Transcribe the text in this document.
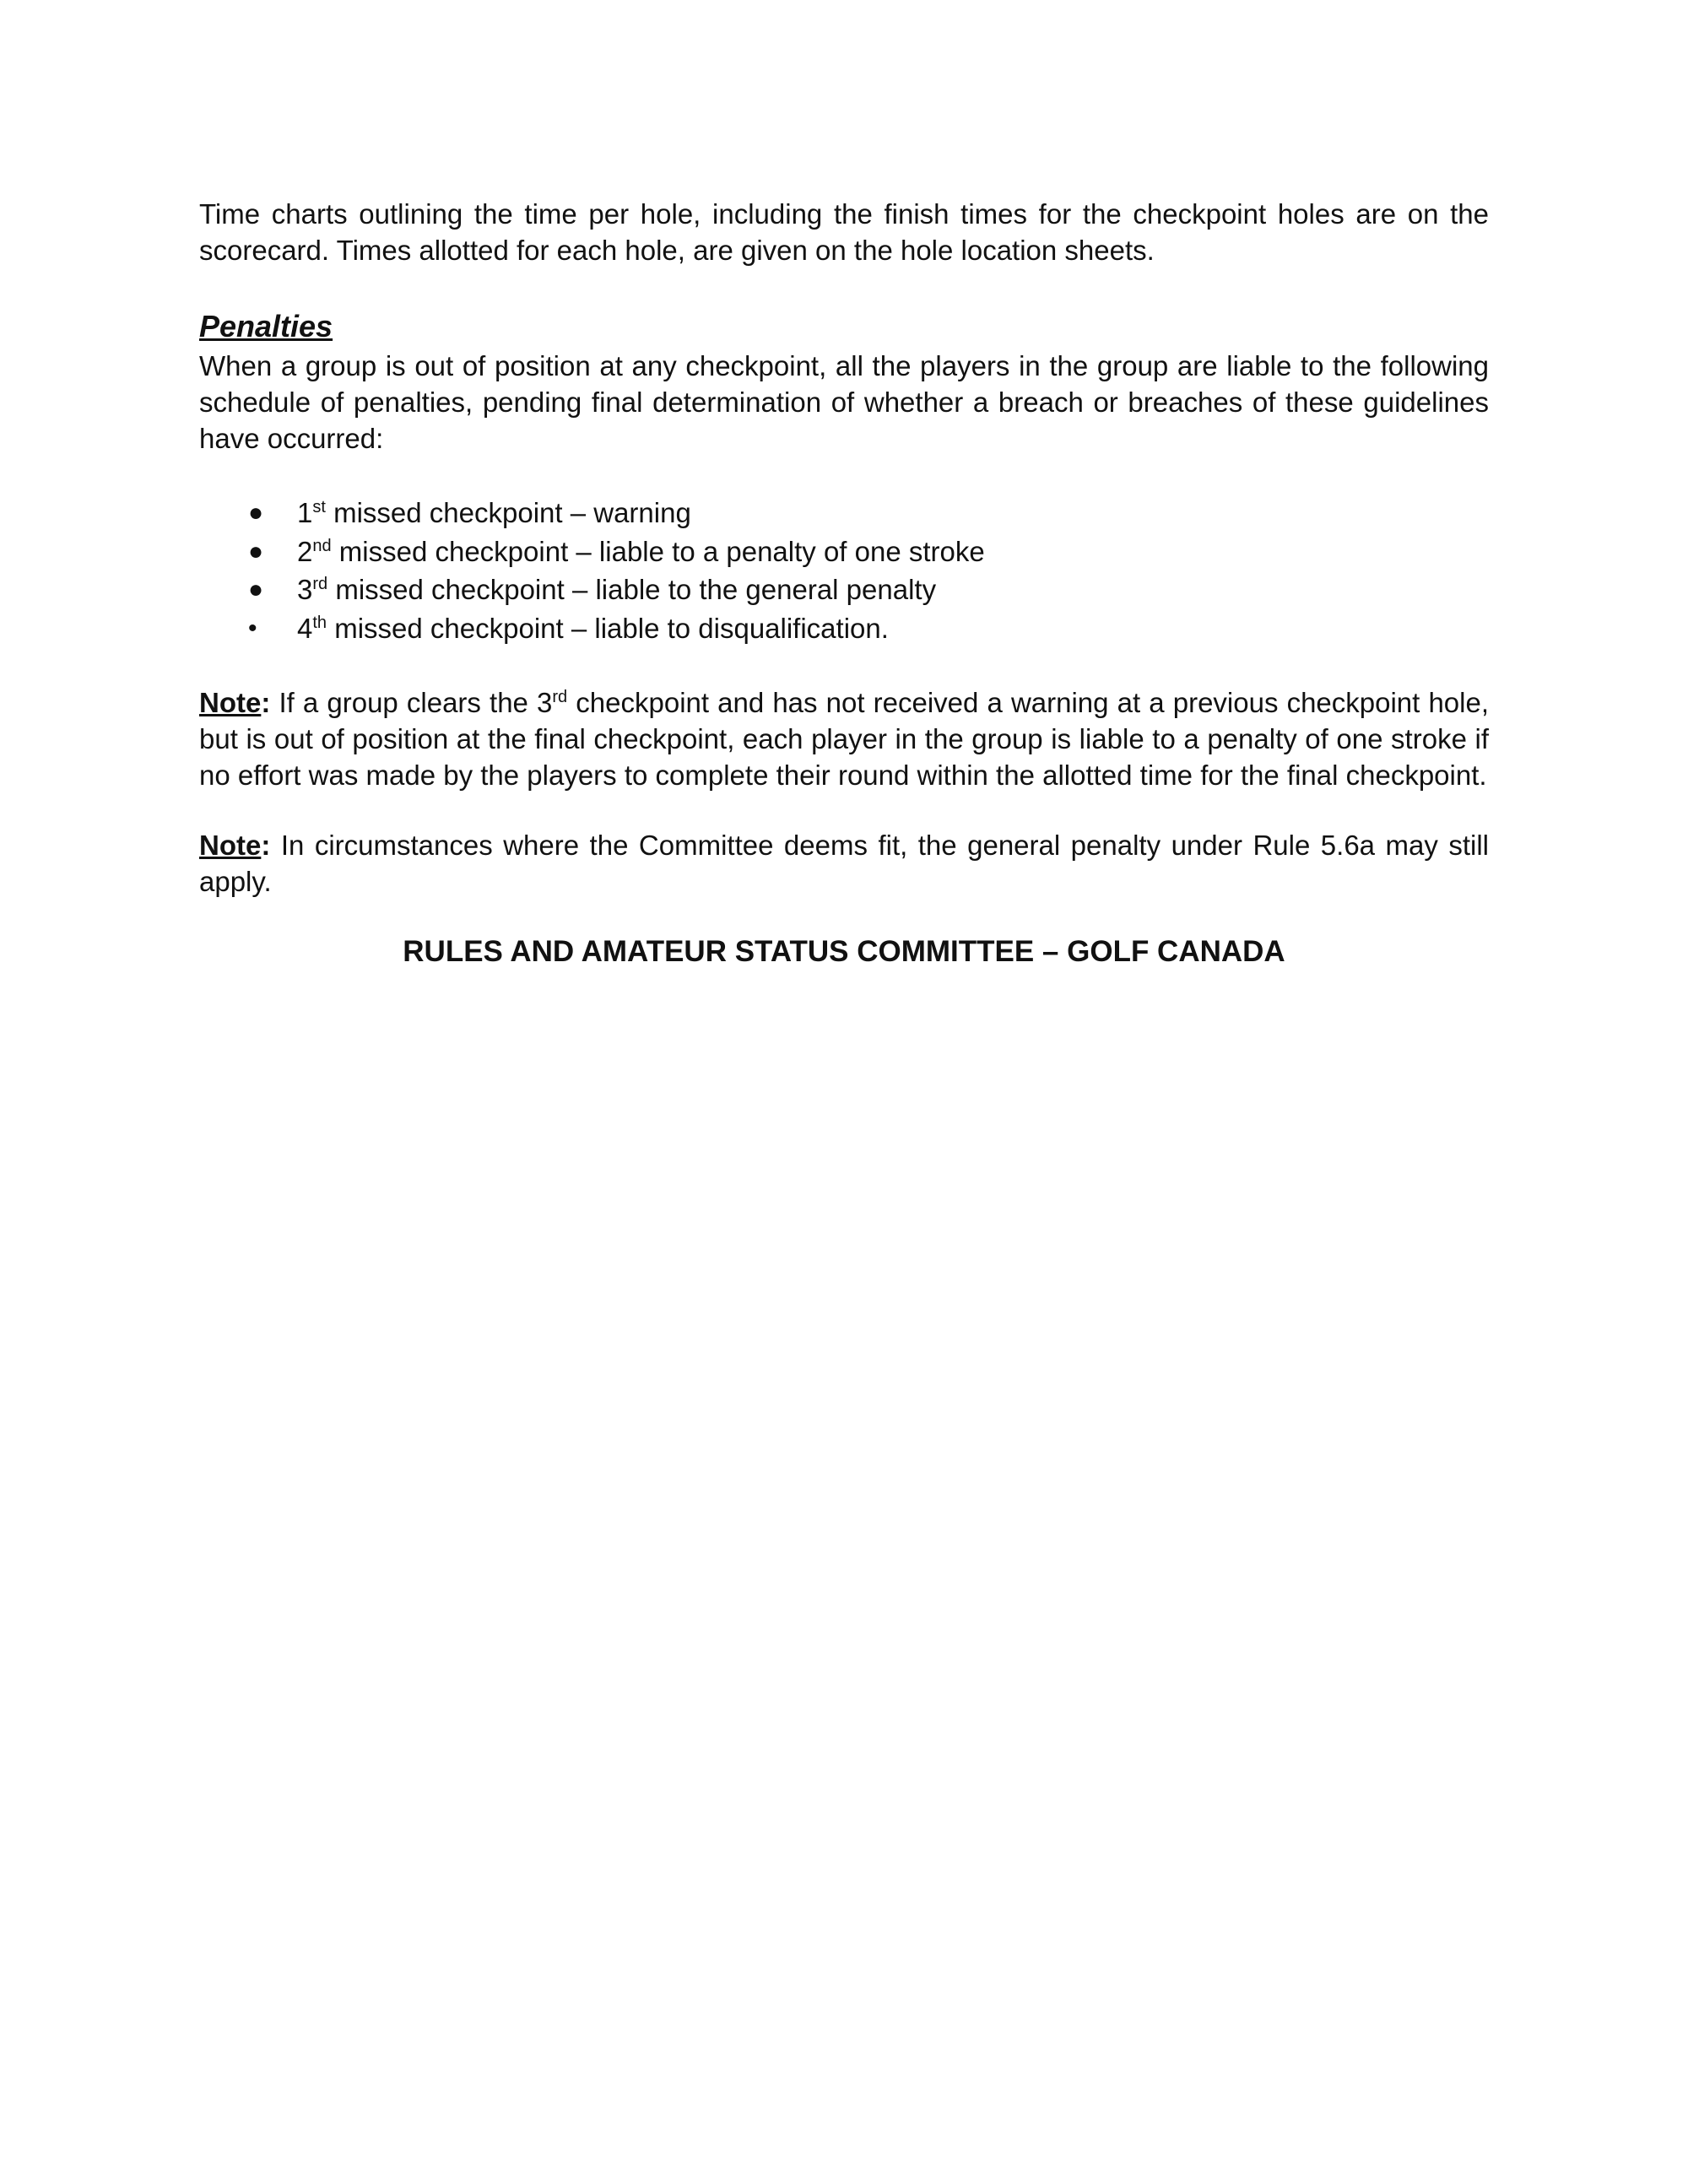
Time charts outlining the time per hole, including the finish times for the checkpoint holes are on the scorecard. Times allotted for each hole, are given on the hole location sheets.

Penalties

When a group is out of position at any checkpoint, all the players in the group are liable to the following schedule of penalties, pending final determination of whether a breach or breaches of these guidelines have occurred:

● 1st missed checkpoint – warning
● 2nd missed checkpoint – liable to a penalty of one stroke
● 3rd missed checkpoint – liable to the general penalty
• 4th missed checkpoint – liable to disqualification.

Note: If a group clears the 3rd checkpoint and has not received a warning at a previous checkpoint hole, but is out of position at the final checkpoint, each player in the group is liable to a penalty of one stroke if no effort was made by the players to complete their round within the allotted time for the final checkpoint.

Note: In circumstances where the Committee deems fit, the general penalty under Rule 5.6a may still apply.

RULES AND AMATEUR STATUS COMMITTEE – GOLF CANADA
